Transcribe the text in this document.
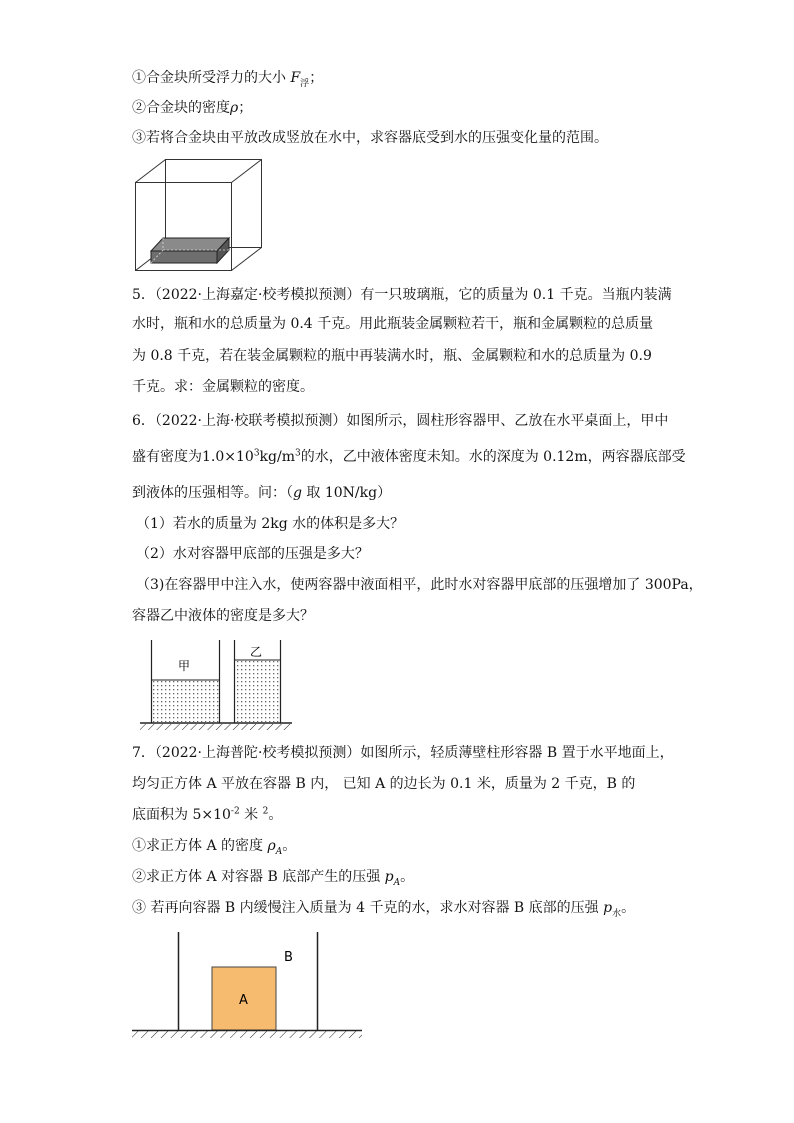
①合金块所受浮力的大小 $F_浮$；
②合金块的密度ρ；
③若将合金块由平放改成竖放在水中，求容器底受到水的压强变化量的范围。
5．（2022·上海嘉定·校考模拟预测）有一只玻璃瓶，它的质量为 0.1 千克。当瓶内装满
水时，瓶和水的总质量为 0.4 千克。用此瓶装金属颗粒若干，瓶和金属颗粒的总质量
为 0.8 千克，若在装金属颗粒的瓶中再装满水时，瓶、金属颗粒和水的总质量为 0.9
千克。求：金属颗粒的密度。
6．（2022·上海·校联考模拟预测）如图所示，圆柱形容器甲、乙放在水平桌面上，甲中
盛有密度为$1.0\times 10^3kg/m^3$的水，乙中液体密度未知。水的深度为 0.12m，两容器底部受
到液体的压强相等。问：（g 取 10N/kg）
（1）若水的质量为 2kg 水的体积是多大？
（2）水对容器甲底部的压强是多大？
（3)在容器甲中注入水，使两容器中液面相平，此时水对容器甲底部的压强增加了 300Pa，
容器乙中液体的密度是多大？
甲
乙
7．（2022·上海普陀·校考模拟预测）如图所示，轻质薄壁柱形容器 B 置于水平地面上，
均匀正方体 A 平放在容器 B 内， 已知 A 的边长为 0.1 米，质量为 2 千克，B 的
底面积为 $5\times 10^{-2}$ 米 $^2$。
①求正方体 A 的密度 $\rho_A$。
②求正方体 A 对容器 B 底部产生的压强 $p_A$。
③ 若再向容器 B 内缓慢注入质量为 4 千克的水，求水对容器 B 底部的压强 $p_水$。
A
B
